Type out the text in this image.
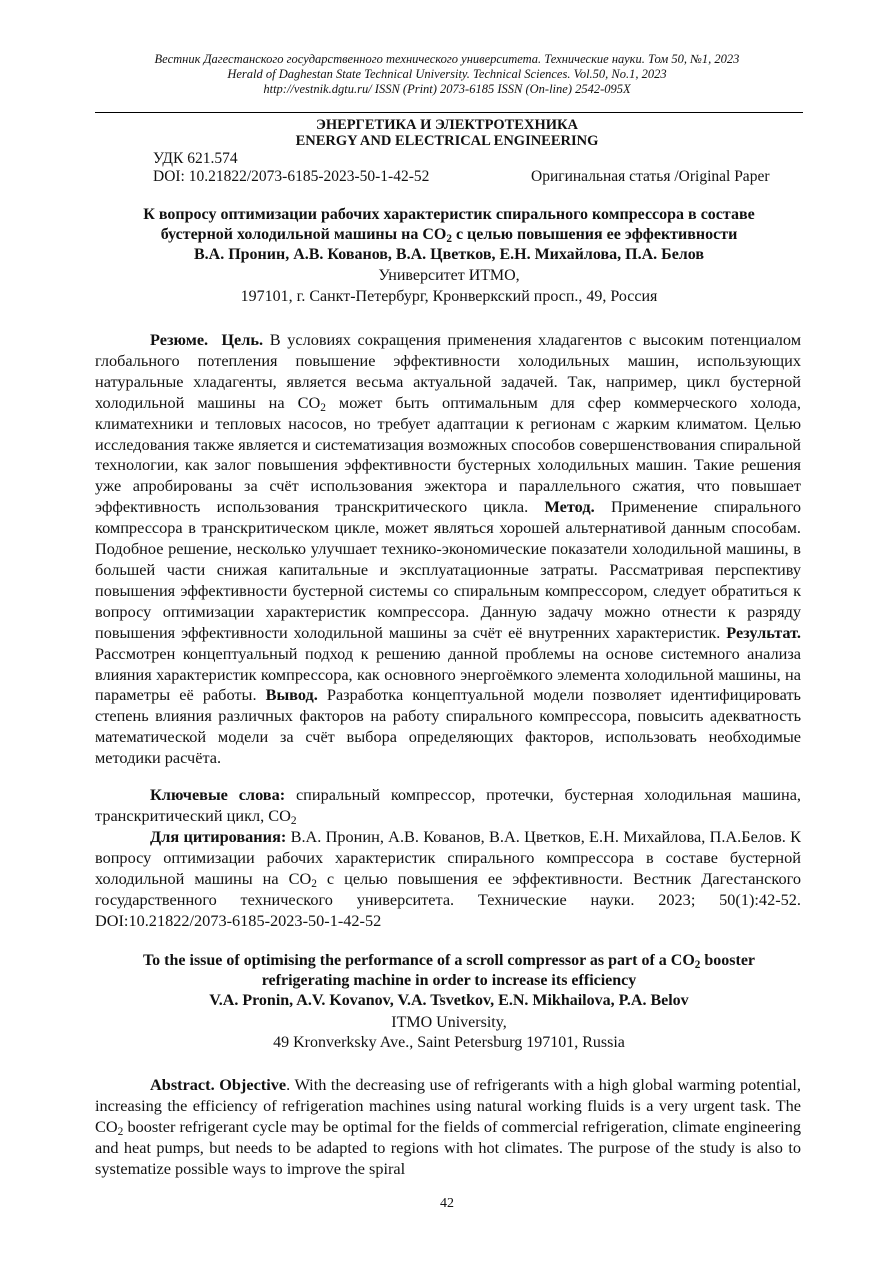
Вестник Дагестанского государственного технического университета. Технические науки. Том 50, №1, 2023
Herald of Daghestan State Technical University. Technical Sciences. Vol.50, No.1, 2023
http://vestnik.dgtu.ru/ ISSN (Print) 2073-6185 ISSN (On-line) 2542-095X
ЭНЕРГЕТИКА И ЭЛЕКТРОТЕХНИКА
ENERGY AND ELECTRICAL ENGINEERING
УДК 621.574
DOI: 10.21822/2073-6185-2023-50-1-42-52	Оригинальная статья /Original Paper
К вопросу оптимизации рабочих характеристик спирального компрессора в составе
бустерной холодильной машины на $CO_2$ с целью повышения ее эффективности
В.А. Пронин, А.В. Кованов, В.А. Цветков, Е.Н. Михайлова, П.А. Белов
Университет ИТМО,
197101, г. Санкт-Петербург, Кронверкский просп., 49, Россия
Резюме. Цель. В условиях сокращения применения хладагентов с высоким потенциалом глобального потепления повышение эффективности холодильных машин, использующих натуральные хладагенты, является весьма актуальной задачей. Так, например, цикл бустерной холодильной машины на $CO_2$ может быть оптимальным для сфер коммерческого холода, климатехники и тепловых насосов, но требует адаптации к регионам с жарким климатом. Целью исследования также является и систематизация возможных способов совершенствования спиральной технологии, как залог повышения эффективности бустерных холодильных машин. Такие решения уже апробированы за счёт использования эжектора и параллельного сжатия, что повышает эффективность использования транскритического цикла. Метод. Применение спирального компрессора в транскритическом цикле, может являться хорошей альтернативой данным способам. Подобное решение, несколько улучшает технико-экономические показатели холодильной машины, в большей части снижая капитальные и эксплуатационные затраты. Рассматривая перспективу повышения эффективности бустерной системы со спиральным компрессором, следует обратиться к вопросу оптимизации характеристик компрессора. Данную задачу можно отнести к разряду повышения эффективности холодильной машины за счёт её внутренних характеристик. Результат. Рассмотрен концептуальный подход к решению данной проблемы на основе системного анализа влияния характеристик компрессора, как основного энергоёмкого элемента холодильной машины, на параметры её работы. Вывод. Разработка концептуальной модели позволяет идентифицировать степень влияния различных факторов на работу спирального компрессора, повысить адекватность математической модели за счёт выбора определяющих факторов, использовать необходимые методики расчёта.
Ключевые слова: спиральный компрессор, протечки, бустерная холодильная машина, транскритический цикл, $CO_2$
Для цитирования: В.А. Пронин, А.В. Кованов, В.А. Цветков, Е.Н. Михайлова, П.А.Белов. К вопросу оптимизации рабочих характеристик спирального компрессора в составе бустерной холодильной машины на $CO_2$ с целью повышения ее эффективности. Вестник Дагестанского государственного технического университета. Технические науки. 2023; 50(1):42-52. DOI:10.21822/2073-6185-2023-50-1-42-52
To the issue of optimising the performance of a scroll compressor as part of a $CO_2$ booster
refrigerating machine in order to increase its efficiency
V.A. Pronin, A.V. Kovanov, V.A. Tsvetkov, E.N. Mikhailova, P.A. Belov
ITMO University,
49 Kronverksky Ave., Saint Petersburg 197101, Russia
Abstract. Objective. With the decreasing use of refrigerants with a high global warming potential, increasing the efficiency of refrigeration machines using natural working fluids is a very urgent task. The $CO_2$ booster refrigerant cycle may be optimal for the fields of commercial refrigeration, climate engineering and heat pumps, but needs to be adapted to regions with hot climates. The purpose of the study is also to systematize possible ways to improve the spiral
42
